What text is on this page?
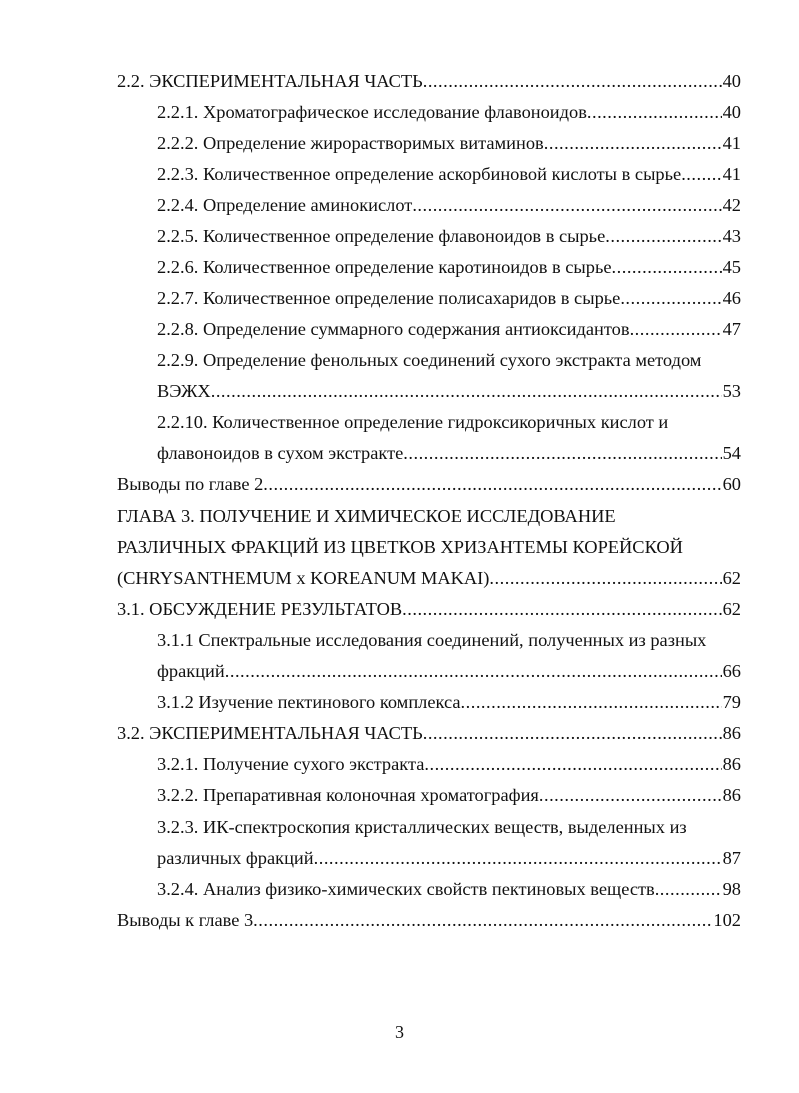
2.2. ЭКСПЕРИМЕНТАЛЬНАЯ ЧАСТЬ .....	40
2.2.1. Хроматографическое исследование флавоноидов .....	40
2.2.2. Определение жирорастворимых витаминов .....	41
2.2.3. Количественное определение аскорбиновой кислоты в сырье ..... 41
2.2.4. Определение аминокислот .....	42
2.2.5. Количественное определение флавоноидов в сырье .....	43
2.2.6. Количественное определение каротиноидов в сырье .....	45
2.2.7. Количественное определение полисахаридов в сырье .....	46
2.2.8. Определение суммарного содержания антиоксидантов .....	47
2.2.9. Определение фенольных соединений сухого экстракта методом
ВЭЖХ .....	53
2.2.10. Количественное определение гидроксикоричных кислот и
флавоноидов в сухом экстракте .....	54
Выводы по главе 2 .....	60
ГЛАВА 3. ПОЛУЧЕНИЕ И ХИМИЧЕСКОЕ ИССЛЕДОВАНИЕ
РАЗЛИЧНЫХ ФРАКЦИЙ ИЗ ЦВЕТКОВ ХРИЗАНТЕМЫ КОРЕЙСКОЙ
(CHRYSANTHEMUM x KOREANUM MAKAI) .....	62
3.1. ОБСУЖДЕНИЕ РЕЗУЛЬТАТОВ .....	62
3.1.1 Спектральные исследования соединений, полученных из разных
фракций .....	66
3.1.2 Изучение пектинового комплекса .....	79
3.2. ЭКСПЕРИМЕНТАЛЬНАЯ ЧАСТЬ .....	86
3.2.1. Получение сухого экстракта .....	86
3.2.2. Препаративная колоночная хроматография .....	86
3.2.3. ИК-спектроскопия кристаллических веществ, выделенных из
различных фракций .....	87
3.2.4. Анализ физико-химических свойств пектиновых веществ .....	98
Выводы к главе 3 .....	102
3
